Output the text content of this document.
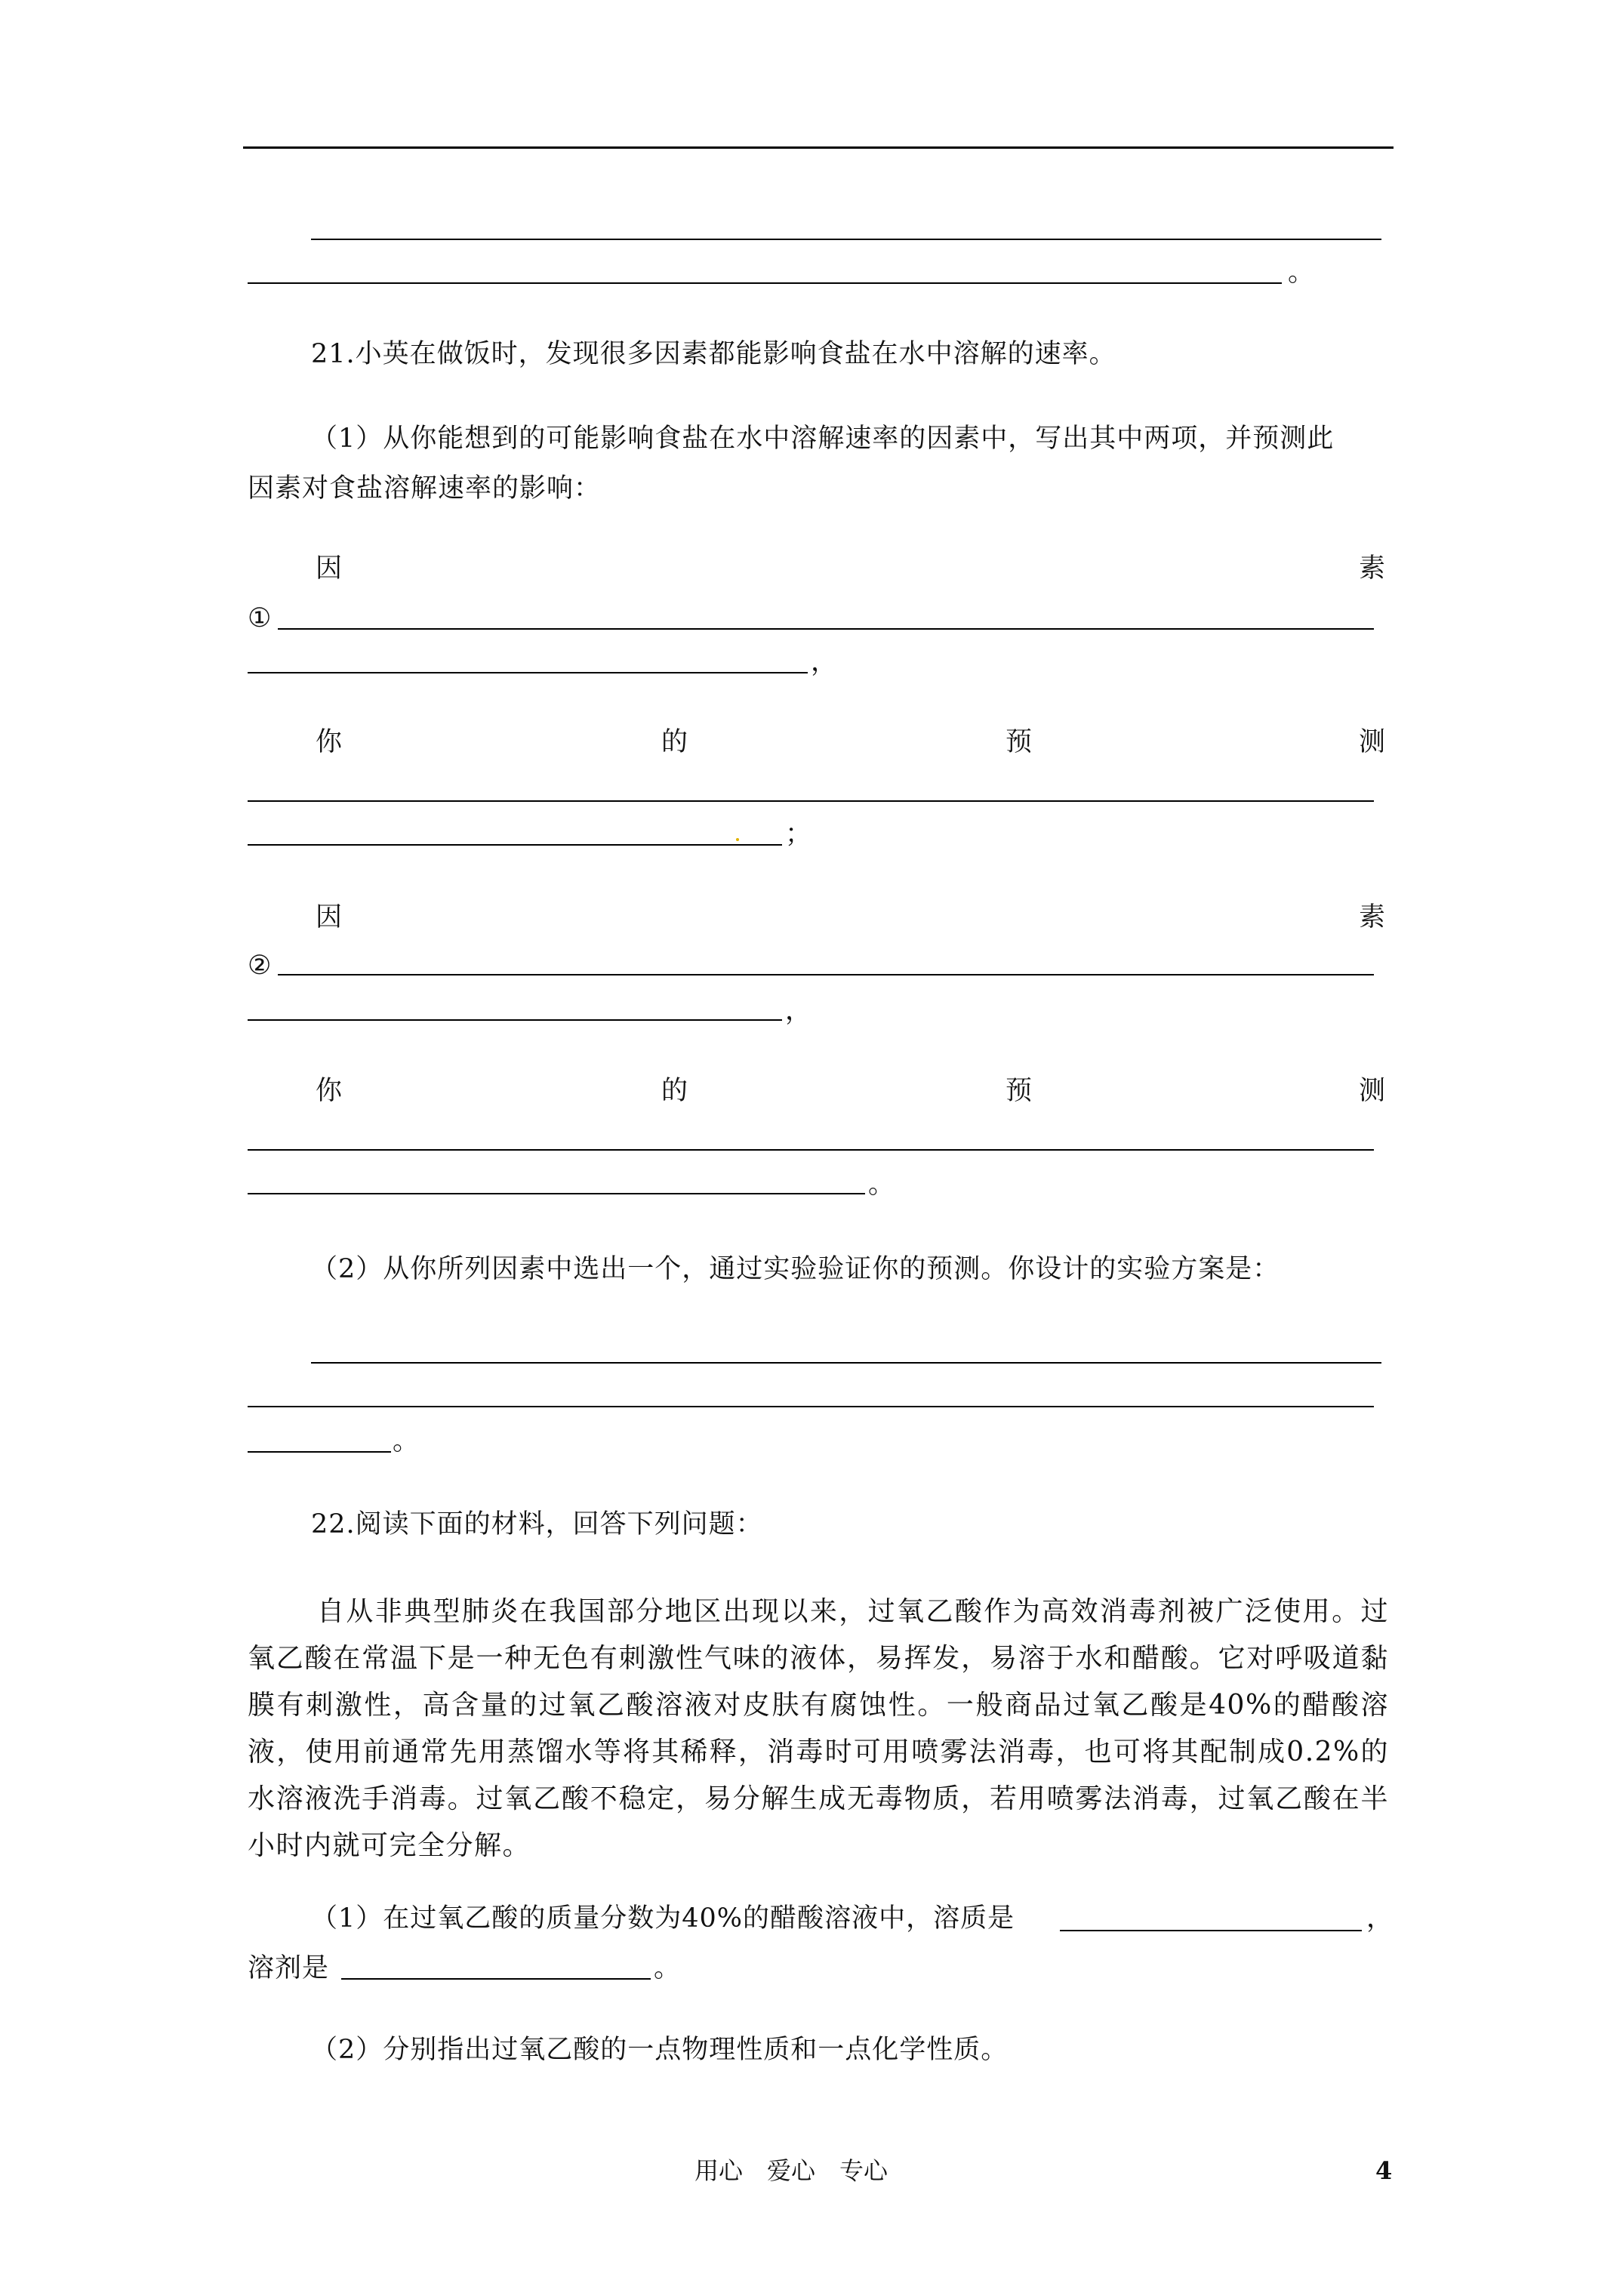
。
21.小英在做饭时，发现很多因素都能影响食盐在水中溶解的速率。
（1）从你能想到的可能影响食盐在水中溶解速率的因素中，写出其中两项，并预测此
因素对食盐溶解速率的影响：
因	素
①
，
你	的	预	测
；
因	素
②
，
你	的	预	测
。
（2）从你所列因素中选出一个，通过实验验证你的预测。你设计的实验方案是：
。
22.阅读下面的材料，回答下列问题：

自从非典型肺炎在我国部分地区出现以来，过氧乙酸作为高效消毒剂被广泛使用。过氧乙酸在常温下是一种无色有刺激性气味的液体，易挥发，易溶于水和醋酸。它对呼吸道黏膜有刺激性，高含量的过氧乙酸溶液对皮肤有腐蚀性。一般商品过氧乙酸是40%的醋酸溶液，使用前通常先用蒸馏水等将其稀释，消毒时可用喷雾法消毒，也可将其配制成0.2%的水溶液洗手消毒。过氧乙酸不稳定，易分解生成无毒物质，若用喷雾法消毒，过氧乙酸在半小时内就可完全分解。

（1）在过氧乙酸的质量分数为40%的醋酸溶液中，溶质是	，
溶剂是	。
（2）分别指出过氧乙酸的一点物理性质和一点化学性质。
用心　爱心　专心	4
